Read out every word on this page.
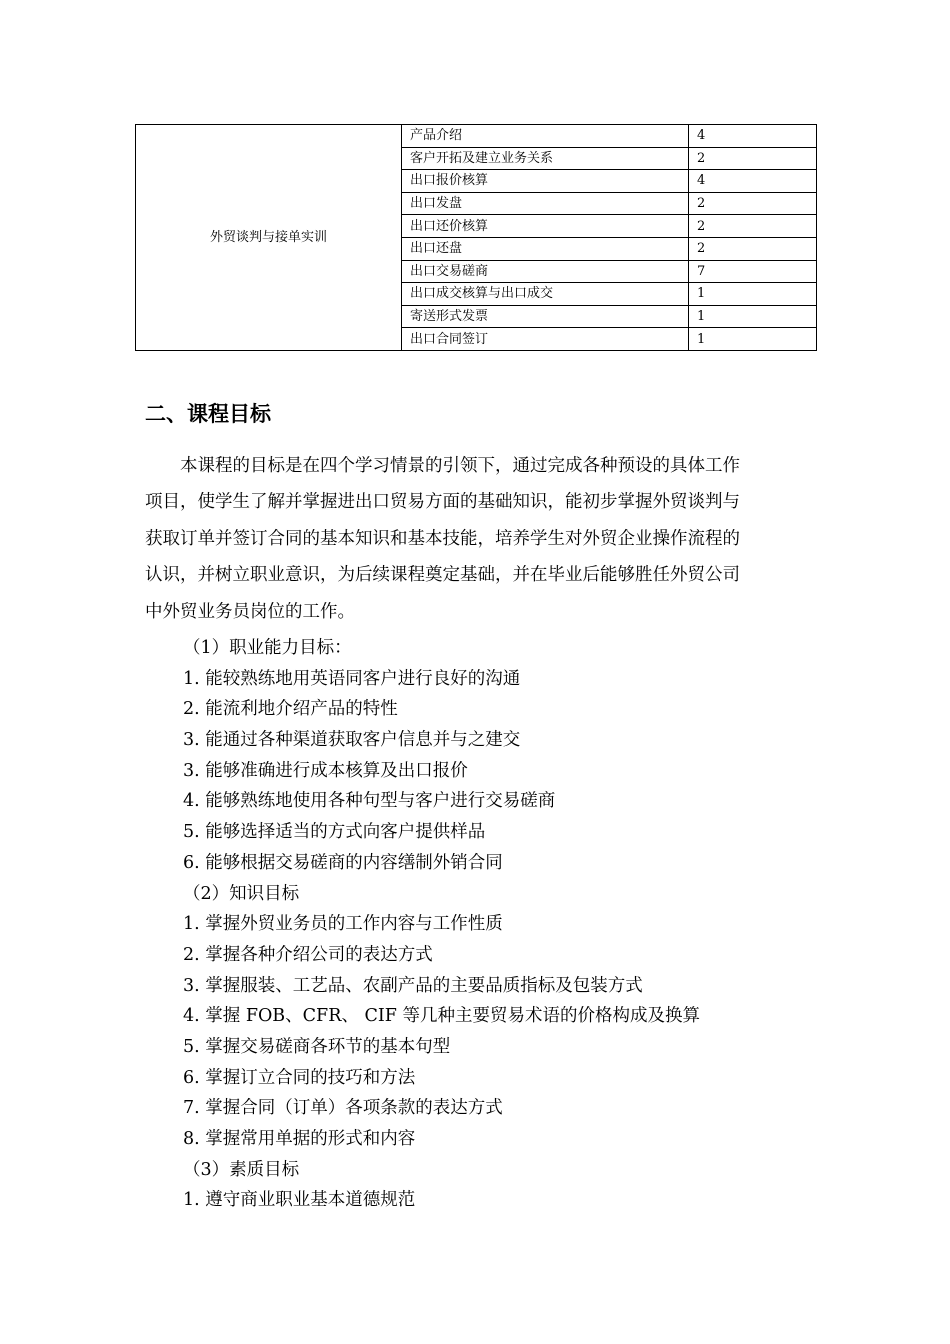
外贸谈判与接单实训	产品介绍	4
	客户开拓及建立业务关系	2
	出口报价核算	4
	出口发盘	2
	出口还价核算	2
	出口还盘	2
	出口交易磋商	7
	出口成交核算与出口成交	1
	寄送形式发票	1
	出口合同签订	1
二、课程目标

本课程的目标是在四个学习情景的引领下，通过完成各种预设的具体工作
项目，使学生了解并掌握进出口贸易方面的基础知识，能初步掌握外贸谈判与
获取订单并签订合同的基本知识和基本技能，培养学生对外贸企业操作流程的
认识，并树立职业意识，为后续课程奠定基础，并在毕业后能够胜任外贸公司
中外贸业务员岗位的工作。

（1）职业能力目标：
1. 能较熟练地用英语同客户进行良好的沟通
2. 能流利地介绍产品的特性
3. 能通过各种渠道获取客户信息并与之建交
3. 能够准确进行成本核算及出口报价
4. 能够熟练地使用各种句型与客户进行交易磋商
5. 能够选择适当的方式向客户提供样品
6. 能够根据交易磋商的内容缮制外销合同
（2）知识目标
1. 掌握外贸业务员的工作内容与工作性质
2. 掌握各种介绍公司的表达方式
3. 掌握服装、工艺品、农副产品的主要品质指标及包装方式
4. 掌握 FOB、CFR、 CIF 等几种主要贸易术语的价格构成及换算
5. 掌握交易磋商各环节的基本句型
6. 掌握订立合同的技巧和方法
7. 掌握合同（订单）各项条款的表达方式
8. 掌握常用单据的形式和内容
（3）素质目标
1. 遵守商业职业基本道德规范
